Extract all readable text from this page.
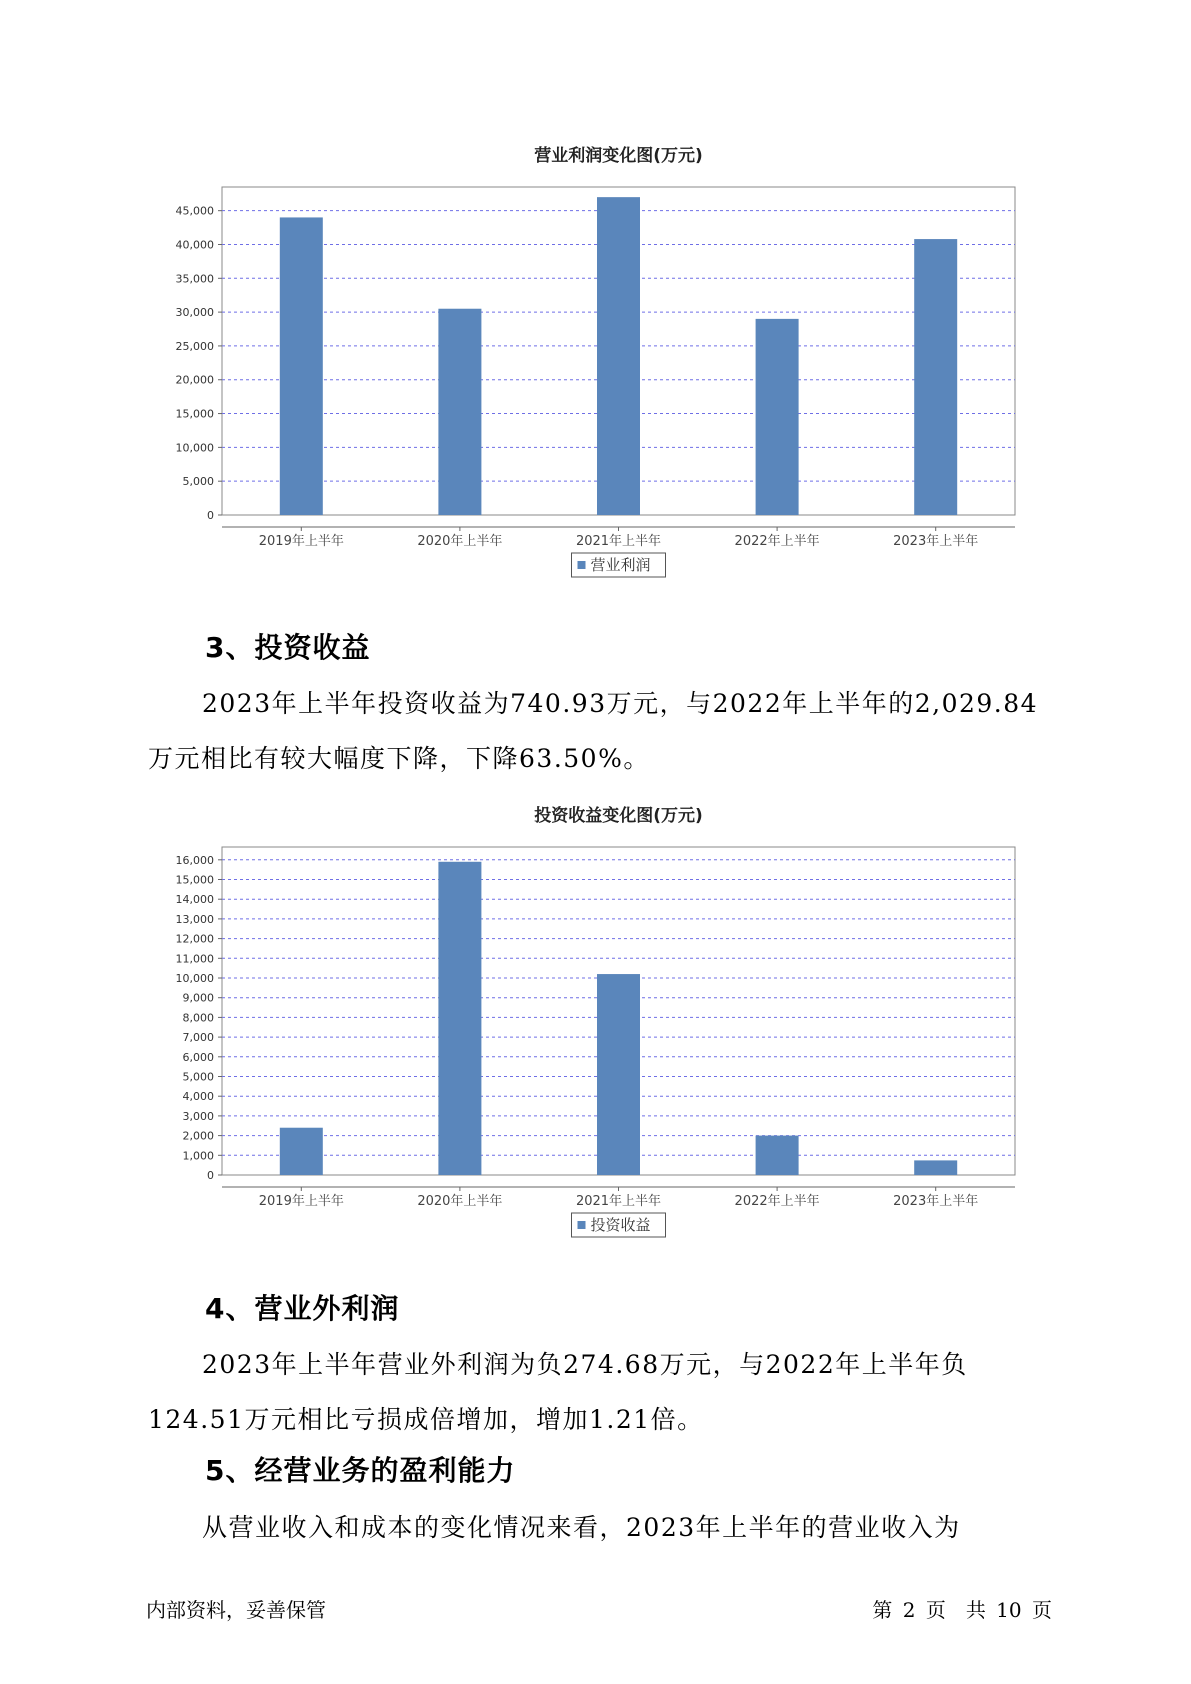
营业利润变化图(万元)
0
5,000
10,000
15,000
20,000
25,000
30,000
35,000
40,000
45,000
2019年上半年	2020年上半年	2021年上半年	2022年上半年	2023年上半年
营业利润
3、投资收益

2023年上半年投资收益为740.93万元，与2022年上半年的2,029.84万元相比有较大幅度下降，下降63.50%。

投资收益变化图(万元)
0
1,000
2,000
3,000
4,000
5,000
6,000
7,000
8,000
9,000
10,000
11,000
12,000
13,000
14,000
15,000
16,000
2019年上半年	2020年上半年	2021年上半年	2022年上半年	2023年上半年
投资收益
4、营业外利润

2023年上半年营业外利润为负274.68万元，与2022年上半年负124.51万元相比亏损成倍增加，增加1.21倍。

5、经营业务的盈利能力

从营业收入和成本的变化情况来看，2023年上半年的营业收入为

内部资料，妥善保管	第 2 页　共 10 页
